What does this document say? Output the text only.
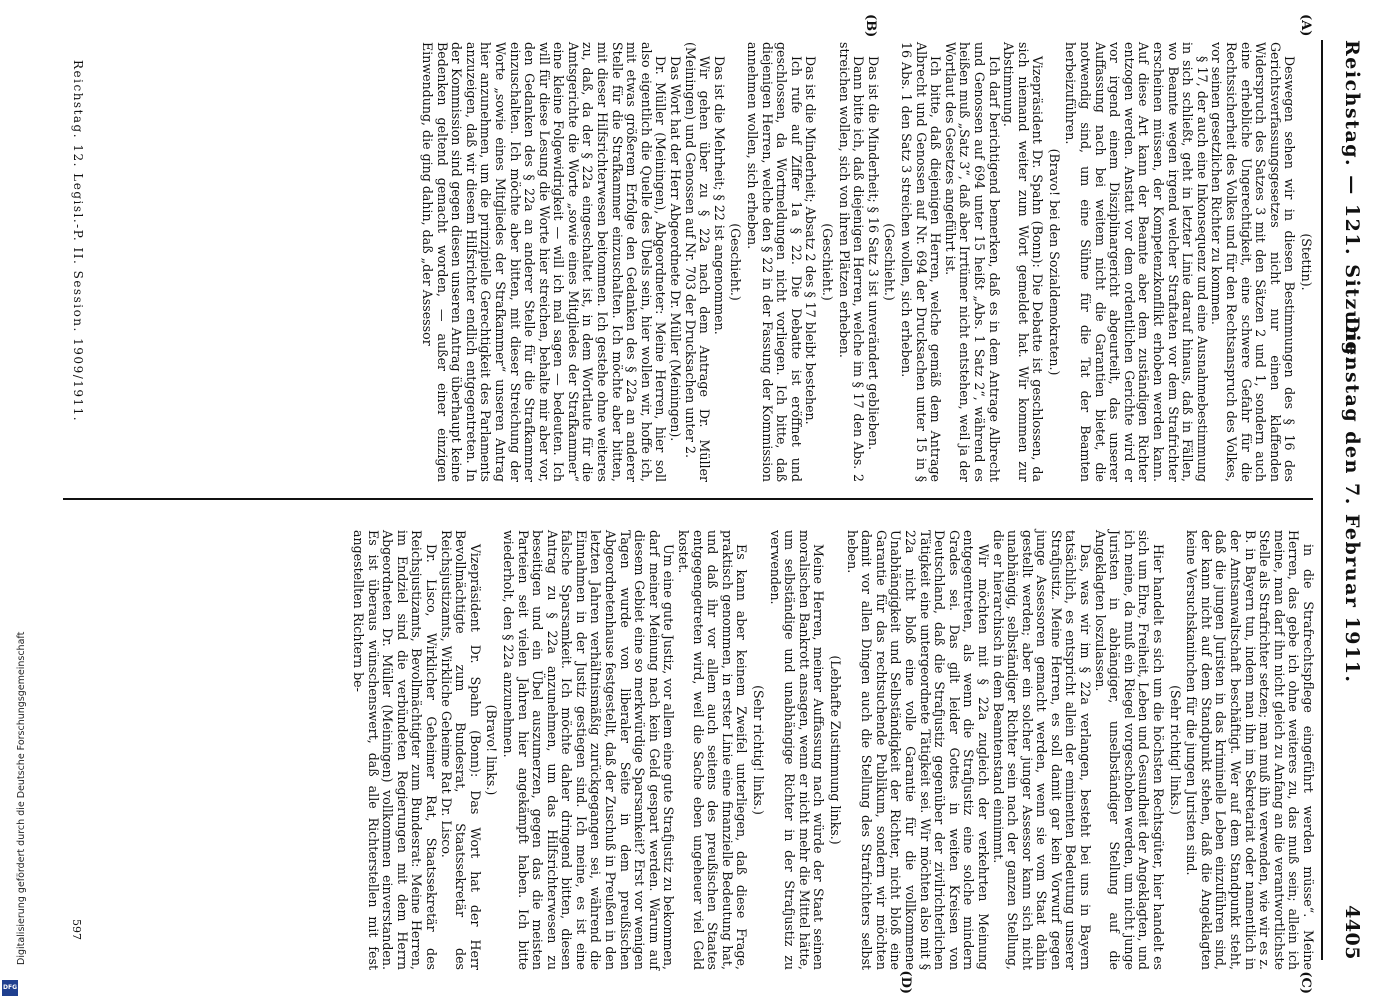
Reichstag. — 121. Sitzung.
Dienstag den 7. Februar 1911.
4405
(A)
(B)
(C)
(D)

(Stettin).

Deswegen sehen wir in diesen Bestimmungen des § 16 des Gerichtsverfassungsgesetzes nicht nur einen klaffenden Widerspruch des Satzes 3 mit den Sätzen 2 und 1, sondern auch eine erhebliche Ungerechtigkeit, eine schwere Gefahr für die Rechtssicherheit des Volkes und für den Rechtsanspruch des Volkes, vor seinen gesetzlichen Richter zu kommen.

§ 17, der auch eine Inkonsequenz und eine Ausnahmebestimmung in sich schließt, geht in letzter Linie darauf hinaus, daß in Fällen, wo Beamte wegen irgend welcher Straftaten vor dem Strafrichter erscheinen müssen, der Kompetenzkonflikt erhoben werden kann. Auf diese Art kann der Beamte aber dem zuständigen Richter entzogen werden. Anstatt vor dem ordentlichen Gerichte wird er vor irgend einem Disziplinargericht abgeurteilt, das unserer Auffassung nach bei weitem nicht die Garantien bietet, die notwendig sind, um eine Sühne für die Tat der Beamten herbeizuführen.

(Bravo! bei den Sozialdemokraten.)

Vizepräsident Dr. Spahn (Bonn): Die Debatte ist geschlossen, da sich niemand weiter zum Wort gemeldet hat. Wir kommen zur Abstimmung.

Ich darf berichtigend bemerken, daß es in dem Antrage Albrecht und Genossen auf 694 unter 15 heißt „Abs. 1 Satz 2“, während es heißen muß „Satz 3“, daß aber Irrtümer nicht entstehen, weil ja der Wortlaut des Gesetzes angeführt ist.

Ich bitte, daß diejenigen Herren, welche gemäß dem Antrage Albrecht und Genossen auf Nr. 694 der Drucksachen unter 15 in § 16 Abs. 1 den Satz 3 streichen wollen, sich erheben.

(Geschieht.)

Das ist die Minderheit; § 16 Satz 3 ist unverändert geblieben.

Dann bitte ich, daß diejenigen Herren, welche im § 17 den Abs. 2 streichen wollen, sich von ihren Plätzen erheben.

(Geschieht.)

Das ist die Minderheit; Absatz 2 des § 17 bleibt bestehen.

Ich rufe auf Ziffer 1a § 22. Die Debatte ist eröffnet und geschlossen, da Wortmeldungen nicht vorliegen. Ich bitte, daß diejenigen Herren, welche den § 22 in der Fassung der Kommission annehmen wollen, sich erheben.

(Geschieht.)

Das ist die Mehrheit; § 22 ist angenommen.

Wir gehen über zu § 22a nach dem Antrage Dr. Müller (Meiningen) und Genossen auf Nr. 703 der Drucksachen unter 2.

Das Wort hat der Herr Abgeordnete Dr. Müller (Meiningen).

Dr. Müller (Meiningen), Abgeordneter: Meine Herren, hier soll also eigentlich die Quelle des Übels sein, hier wollen wir, hoffe ich, mit etwas größerem Erfolge den Gedanken des § 22a an anderer Stelle für die Strafkammer einzuschalten. Ich möchte aber bitten, mit dieser Hilfsrichterwesen beitommen. Ich gestehe ohne weiteres zu, daß, da der § 22a eingeschaltet ist, in dem Wortlaute für die Amtsgerichte die Worte „sowie eines Mitgliedes der Strafkammer“ eine kleine Folgewidrigkeit — will ich mal sagen — bedeuten. Ich will für diese Lesung die Worte hier streichen, behalte mir aber vor, den Gedanken des § 22a an anderer Stelle für die Strafkammer einzuschalten. Ich möchte aber bitten, mit dieser Streichung der Worte „sowie eines Mitgliedes der Strafkammer“ unseren Antrag hier anzunehmen, um die prinzipielle Gerechtigkeit des Parlaments anzuzeigen, daß wir diesem Hilfsrichter endlich entgegentreten. In der Kommission sind gegen diesen unseren Antrag überhaupt keine Bedenken geltend gemacht worden, — außer einer einzigen Einwendung, die ging dahin, daß „der Assessor

in die Strafrechtspflege eingeführt werden müsse“. Meine Herren, das gebe ich ohne weiteres zu, das muß sein; allein ich meine, man darf ihn nicht gleich zu Anfang an die verantwortlichste Stelle als Strafrichter setzen; man muß ihn verwenden, wie wir es z. B. in Bayern tun, indem man ihn im Sekretariat oder namentlich in der Amtsanwaltschaft beschäftigt. Wer auf dem Standpunkt steht, daß die jungen Juristen in das kriminelle Leben einzuführen sind, der kann nicht auf dem Standpunkt stehen, daß die Angeklagten keine Versuchskaninchen für die jungen Juristen sind.

(Sehr richtig! links.)

Hier handelt es sich um die höchsten Rechtsgüter, hier handelt es sich um Ehre, Freiheit, Leben und Gesundheit der Angeklagten, und ich meine, da muß ein Riegel vorgeschoben werden, um nicht junge Juristen in abhängiger, unselbständiger Stellung auf die Angeklagten loszulassen.

Das, was wir im § 22a verlangen, besteht bei uns in Bayern tatsächlich, es entspricht allein der eminenten Bedeutung unserer Strafjustiz. Meine Herren, es soll damit gar kein Vorwurf gegen junge Assessoren gemacht werden, wenn sie vom Staat dahin gestellt werden; aber ein solcher junger Assessor kann sich nicht unabhängig, selbständiger Richter sein nach der ganzen Stellung, die er hierarchisch in dem Beamtenstand einnimmt.

Wir möchten mit § 22a zugleich der verkehrten Meinung entgegentreten, als wenn die Strafjustiz eine solche mindern Grades sei. Das gilt leider Gottes in weiten Kreisen von Deutschland, daß die Strafjustiz gegenüber der zivilrichterlichen Tätigkeit eine untergeordnete Tätigkeit sei. Wir möchten also mit § 22a nicht bloß eine volle Garantie für die vollkommene Unabhängigkeit und Selbständigkeit der Richter, nicht bloß eine Garantie für das rechtsuchende Publikum, sondern wir möchten damit vor allen Dingen auch die Stellung des Strafrichters selbst heben.

(Lebhafte Zustimmung links.)

Meine Herren, meiner Auffassung nach würde der Staat seinen moralischen Bankrott ansagen, wenn er nicht mehr die Mittel hätte, um selbständige und unabhängige Richter in der Strafjustiz zu verwenden.

(Sehr richtig! links.)

Es kann aber keinem Zweifel unterliegen, daß diese Frage, praktisch genommen, in erster Linie eine finanzielle Bedeutung hat, und daß ihr vor allem auch seitens des preußischen Staates entgegengetreten wird, weil die Sache eben ungeheuer viel Geld kostet.

Um eine gute Justiz, vor allem eine gute Strafjustiz zu bekommen, darf meiner Meinung nach kein Geld gespart werden. Warum auf diesem Gebiet eine so merkwürdige Sparsamkeit? Erst vor wenigen Tagen wurde von liberaler Seite in dem preußischen Abgeordnetenhause festgestellt, daß der Zuschuß in Preußen in den letzten Jahren verhältnismäßig zurückgegangen sei, während die Einnahmen in der Justiz gestiegen sind. Ich meine, es ist eine falsche Sparsamkeit. Ich möchte daher dringend bitten, diesen Antrag zu § 22a anzunehmen, um das Hilfsrichterwesen zu beseitigen und ein Übel auszumerzen, gegen das die meisten Parteien seit vielen Jahren hier angekämpft haben. Ich bitte wiederholt, den § 22a anzunehmen.

(Bravo! links.)

Vizepräsident Dr. Spahn (Bonn): Das Wort hat der Herr Bevollmächtigte zum Bundesrat, Staatssekretär des Reichsjustizamts, Wirkliche Geheime Rat Dr. Lisco.

Dr. Lisco, Wirklicher Geheimer Rat, Staatssekretär des Reichsjustizamts, Bevollmächtigter zum Bundesrat: Meine Herren, im Endziel sind die verbündeten Regierungen mit dem Herrn Abgeordneten Dr. Müller (Meiningen) vollkommen einverstanden. Es ist überaus wünschenswert, daß alle Richterstellen mit fest angestellten Richtern be-

Reichstag. 12. Legisl.-P. II. Session. 1909/1911.
597
Digitalisierung gefördert durch die Deutsche Forschungsgemeinschaft
DFG
